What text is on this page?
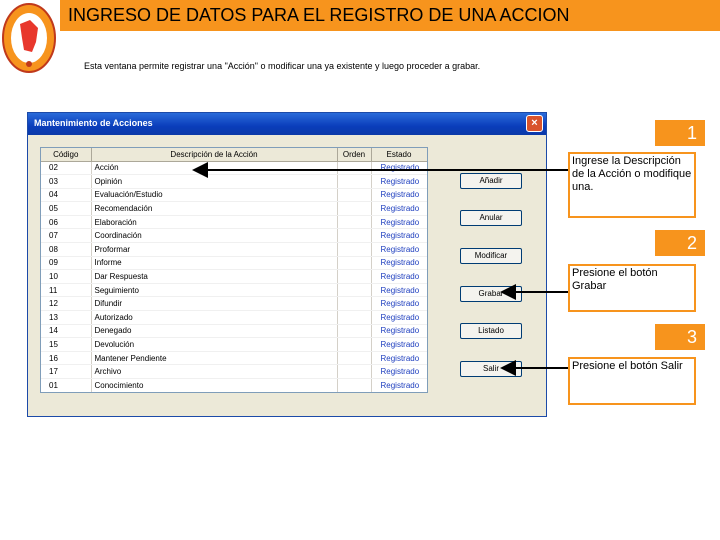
INGRESO DE DATOS PARA EL REGISTRO DE UNA ACCION
Esta ventana permite registrar una "Acción" o modificar una ya existente y luego proceder a grabar.
Mantenimiento de Acciones	×
Código	Descripción de la Acción	Orden	Estado
02	Acción		Registrado
03	Opinión		Registrado
04	Evaluación/Estudio		Registrado
05	Recomendación		Registrado
06	Elaboración		Registrado
07	Coordinación		Registrado
08	Proformar		Registrado
09	Informe		Registrado
10	Dar Respuesta		Registrado
11	Seguimiento		Registrado
12	Difundir		Registrado
13	Autorizado		Registrado
14	Denegado		Registrado
15	Devolución		Registrado
16	Mantener Pendiente		Registrado
17	Archivo		Registrado
01	Conocimiento		Registrado
Añadir
Anular
Modificar
Grabar
Listado
Salir
1
Ingrese la Descripción de la Acción o modifique una.
2
Presione el botón Grabar
3
Presione el botón Salir
